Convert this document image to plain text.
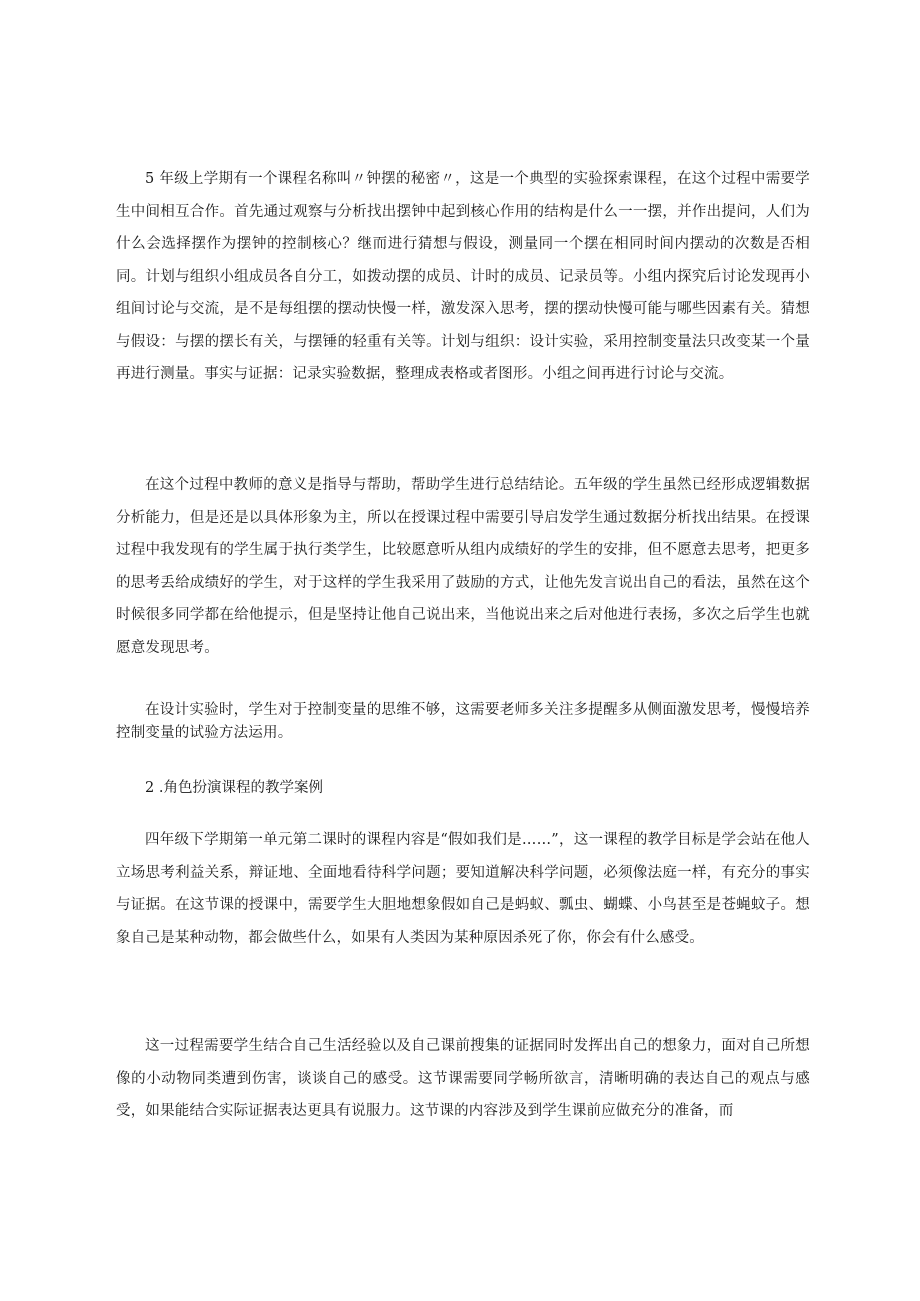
5 年级上学期有一个课程名称叫〃钟摆的秘密〃，这是一个典型的实验探索课程，在这个过程中需要学生中间相互合作。首先通过观察与分析找出摆钟中起到核心作用的结构是什么一一摆，并作出提问，人们为什么会选择摆作为摆钟的控制核心？继而进行猜想与假设，测量同一个摆在相同时间内摆动的次数是否相同。计划与组织小组成员各自分工，如拨动摆的成员、计时的成员、记录员等。小组内探究后讨论发现再小组间讨论与交流，是不是每组摆的摆动快慢一样，激发深入思考，摆的摆动快慢可能与哪些因素有关。猜想与假设：与摆的摆长有关，与摆锤的轻重有关等。计划与组织：设计实验，采用控制变量法只改变某一个量再进行测量。事实与证据：记录实验数据，整理成表格或者图形。小组之间再进行讨论与交流。

在这个过程中教师的意义是指导与帮助，帮助学生进行总结结论。五年级的学生虽然已经形成逻辑数据分析能力，但是还是以具体形象为主，所以在授课过程中需要引导启发学生通过数据分析找出结果。在授课过程中我发现有的学生属于执行类学生，比较愿意听从组内成绩好的学生的安排，但不愿意去思考，把更多的思考丢给成绩好的学生，对于这样的学生我采用了鼓励的方式，让他先发言说出自己的看法，虽然在这个时候很多同学都在给他提示，但是坚持让他自己说出来，当他说出来之后对他进行表扬，多次之后学生也就愿意发现思考。

在设计实验时，学生对于控制变量的思维不够，这需要老师多关注多提醒多从侧面激发思考，慢慢培养控制变量的试验方法运用。

2 .角色扮演课程的教学案例

四年级下学期第一单元第二课时的课程内容是“假如我们是……”，这一课程的教学目标是学会站在他人立场思考利益关系，辩证地、全面地看待科学问题；要知道解决科学问题，必须像法庭一样，有充分的事实与证据。在这节课的授课中，需要学生大胆地想象假如自己是蚂蚁、瓢虫、蝴蝶、小鸟甚至是苍蝇蚊子。想象自己是某种动物，都会做些什么，如果有人类因为某种原因杀死了你，你会有什么感受。

这一过程需要学生结合自己生活经验以及自己课前搜集的证据同时发挥出自己的想象力，面对自己所想像的小动物同类遭到伤害，谈谈自己的感受。这节课需要同学畅所欲言，清晰明确的表达自己的观点与感受，如果能结合实际证据表达更具有说服力。这节课的内容涉及到学生课前应做充分的准备，而
